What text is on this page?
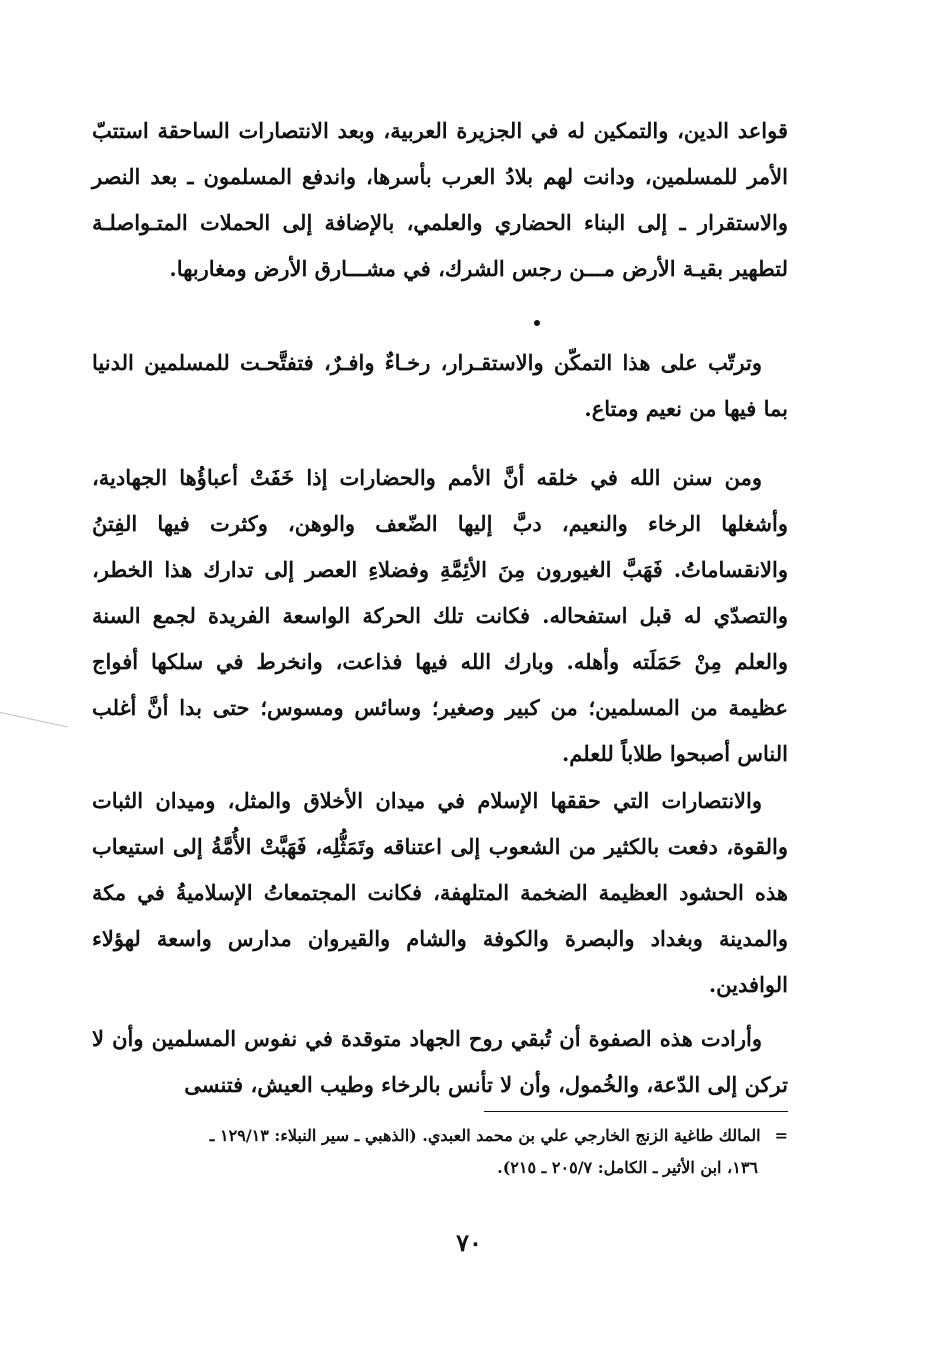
قواعد الدين، والتمكين له في الجزيرة العربية، وبعد الانتصارات الساحقة استتبّ الأمر للمسلمين، ودانت لهم بلادُ العرب بأسرها، واندفع المسلمون ـ بعد النصر والاستقرار ـ إلى البناء الحضاري والعلمي، بالإضافة إلى الحملات المتـواصلـة لتطهير بقيـة الأرض مـــن رجس الشرك، في مشـــارق الأرض ومغاربها.

وترتّب على هذا التمكّن والاستقـرار، رخـاءٌ وافـرٌ، فتفتَّحـت للمسلمين الدنيا بما فيها من نعيم ومتاع.

ومن سنن الله في خلقه أنَّ الأمم والحضارات إذا خَفَتْ أعباؤُها الجهادية، وأشغلها الرخاء والنعيم، دبَّ إليها الضّعف والوهن، وكثرت فيها الفِتنُ والانقساماتُ. فَهَبَّ الغيورون مِنَ الأئِمَّةِ وفضلاءِ العصر إلى تدارك هذا الخطر، والتصدّي له قبل استفحاله. فكانت تلك الحركة الواسعة الفريدة لجمع السنة والعلم مِنْ حَمَلَته وأهله. وبارك الله فيها فذاعت، وانخرط في سلكها أفواج عظيمة من المسلمين؛ من كبير وصغير؛ وسائس ومسوس؛ حتى بدا أنَّ أغلب الناس أصبحوا طلاباً للعلم.

والانتصارات التي حققها الإسلام في ميدان الأخلاق والمثل، وميدان الثبات والقوة، دفعت بالكثير من الشعوب إلى اعتناقه وتَمَثُّلِه، فَهَبَّتْ الأُمَّةُ إلى استيعاب هذه الحشود العظيمة الضخمة المتلهفة، فكانت المجتمعاتُ الإسلاميةُ في مكة والمدينة وبغداد والبصرة والكوفة والشام والقيروان مدارس واسعة لهؤلاء الوافدين.

وأرادت هذه الصفوة أن تُبقي روح الجهاد متوقدة في نفوس المسلمين وأن لا تركن إلى الدّعة، والخُمول، وأن لا تأنس بالرخاء وطيب العيش، فتنسى

=المالك طاغية الزنج الخارجي علي بن محمد العبدي. (الذهبي ـ سير النبلاء: ١٢٩/١٣ ـ
١٣٦، ابن الأثير ـ الكامل: ٢٠٥/٧ ـ ٢١٥).
٧٠
